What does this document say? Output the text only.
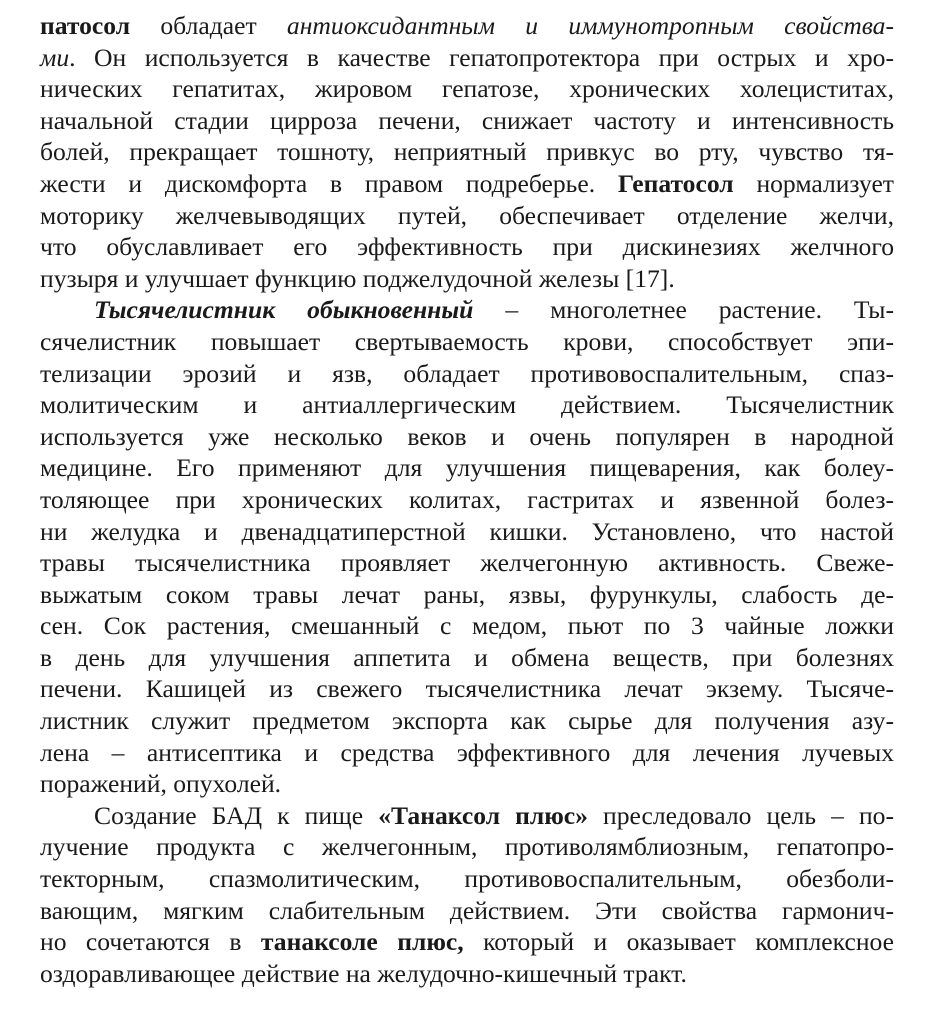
патосол обладает антиоксидантным и иммунотропным свойства-
ми. Он используется в качестве гепатопротектора при острых и хро-
нических гепатитах, жировом гепатозе, хронических холециститах,
начальной стадии цирроза печени, снижает частоту и интенсивность
болей, прекращает тошноту, неприятный привкус во рту, чувство тя-
жести и дискомфорта в правом подреберье. Гепатосол нормализует
моторику желчевыводящих путей, обеспечивает отделение желчи,
что обуславливает его эффективность при дискинезиях желчного
пузыря и улучшает функцию поджелудочной железы [17].
Тысячелистник обыкновенный – многолетнее растение. Ты-
сячелистник повышает свертываемость крови, способствует эпи-
телизации эрозий и язв, обладает противовоспалительным, спаз-
молитическим и антиаллергическим действием. Тысячелистник
используется уже несколько веков и очень популярен в народной
медицине. Его применяют для улучшения пищеварения, как болеу-
толяющее при хронических колитах, гастритах и язвенной болез-
ни желудка и двенадцатиперстной кишки. Установлено, что настой
травы тысячелистника проявляет желчегонную активность. Свеже-
выжатым соком травы лечат раны, язвы, фурункулы, слабость де-
сен. Сок растения, смешанный с медом, пьют по 3 чайные ложки
в день для улучшения аппетита и обмена веществ, при болезнях
печени. Кашицей из свежего тысячелистника лечат экзему. Тысяче-
листник служит предметом экспорта как сырье для получения азу-
лена – антисептика и средства эффективного для лечения лучевых
поражений, опухолей.
Создание БАД к пище «Танаксол плюс» преследовало цель – по-
лучение продукта с желчегонным, противолямблиозным, гепатопро-
текторным, спазмолитическим, противовоспалительным, обезболи-
вающим, мягким слабительным действием. Эти свойства гармонич-
но сочетаются в танаксоле плюс, который и оказывает комплексное
оздоравливающее действие на желудочно-кишечный тракт.
